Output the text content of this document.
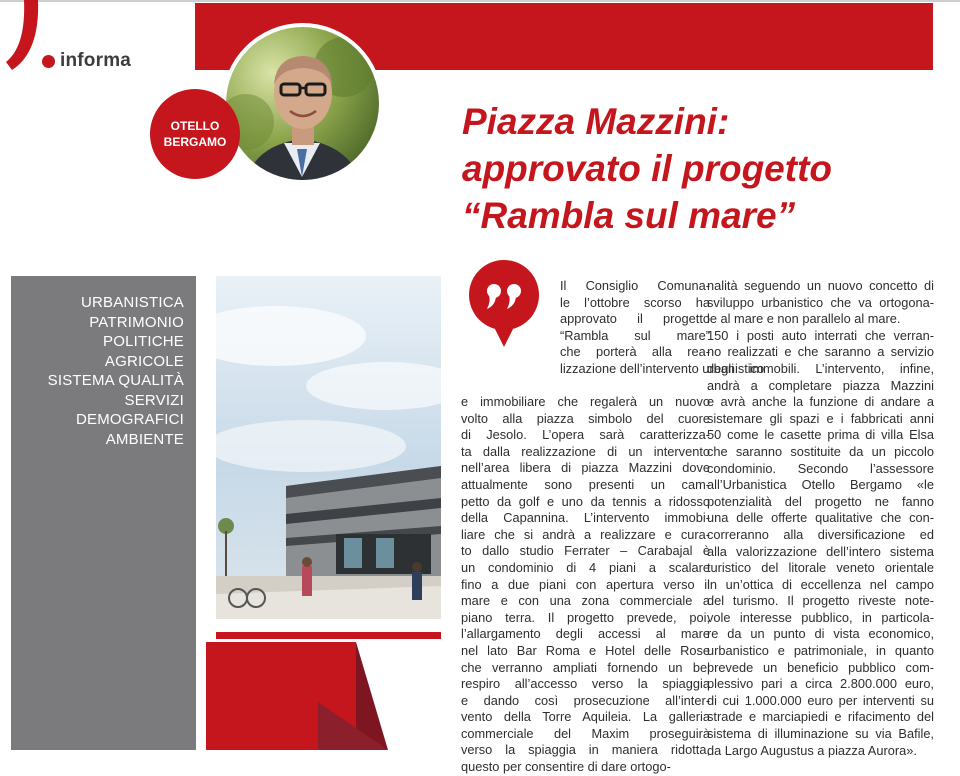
informa
OTELLO
BERGAMO	Piazza Mazzini:
approvato il progetto
“Rambla sul mare”
URBANISTICA
PATRIMONIO
POLITICHE
AGRICOLE
SISTEMA QUALITÀ
SERVIZI
DEMOGRAFICI
AMBIENTE
Il Consiglio Comuna-
le l’ottobre scorso ha
approvato il progetto
“Rambla sul mare”
che porterà alla rea-
lizzazione dell’intervento urbanistico
e immobiliare che regalerà un nuovo
volto alla piazza simbolo del cuore
di Jesolo. L’opera sarà caratterizza-
ta dalla realizzazione di un intervento
nell’area libera di piazza Mazzini dove
attualmente sono presenti un cam-
petto da golf e uno da tennis a ridosso
della Capannina. L’intervento immobi-
liare che si andrà a realizzare e cura-
to dallo studio Ferrater – Carabajal è
un condominio di 4 piani a scalare
fino a due piani con apertura verso il
mare e con una zona commerciale a
piano terra. Il progetto prevede, poi,
l’allargamento degli accessi al mare
nel lato Bar Roma e Hotel delle Rose
che verranno ampliati fornendo un bel
respiro all’accesso verso la spiaggia
e dando così prosecuzione all’inter-
vento della Torre Aquileia. La galleria
commerciale del Maxim proseguirà
verso la spiaggia in maniera ridotta,
questo per consentire di dare ortogo-
nalità seguendo un nuovo concetto di
sviluppo urbanistico che va ortogona-
le al mare e non parallelo al mare.
150 i posti auto interrati che verran-
no realizzati e che saranno a servizio
degli immobili. L’intervento, infine,
andrà a completare piazza Mazzini
e avrà anche la funzione di andare a
sistemare gli spazi e i fabbricati anni
50 come le casette prima di villa Elsa
che saranno sostituite da un piccolo
condominio. Secondo l’assessore
all’Urbanistica Otello Bergamo «le
potenzialità del progetto ne fanno
una delle offerte qualitative che con-
correranno alla diversificazione ed
alla valorizzazione dell’intero sistema
turistico del litorale veneto orientale
in un’ottica di eccellenza nel campo
del turismo. Il progetto riveste note-
vole interesse pubblico, in particola-
re da un punto di vista economico,
urbanistico e patrimoniale, in quanto
prevede un beneficio pubblico com-
plessivo pari a circa 2.800.000 euro,
di cui 1.000.000 euro per interventi su
strade e marciapiedi e rifacimento del
sistema di illuminazione su via Bafile,
da Largo Augustus a piazza Aurora».
